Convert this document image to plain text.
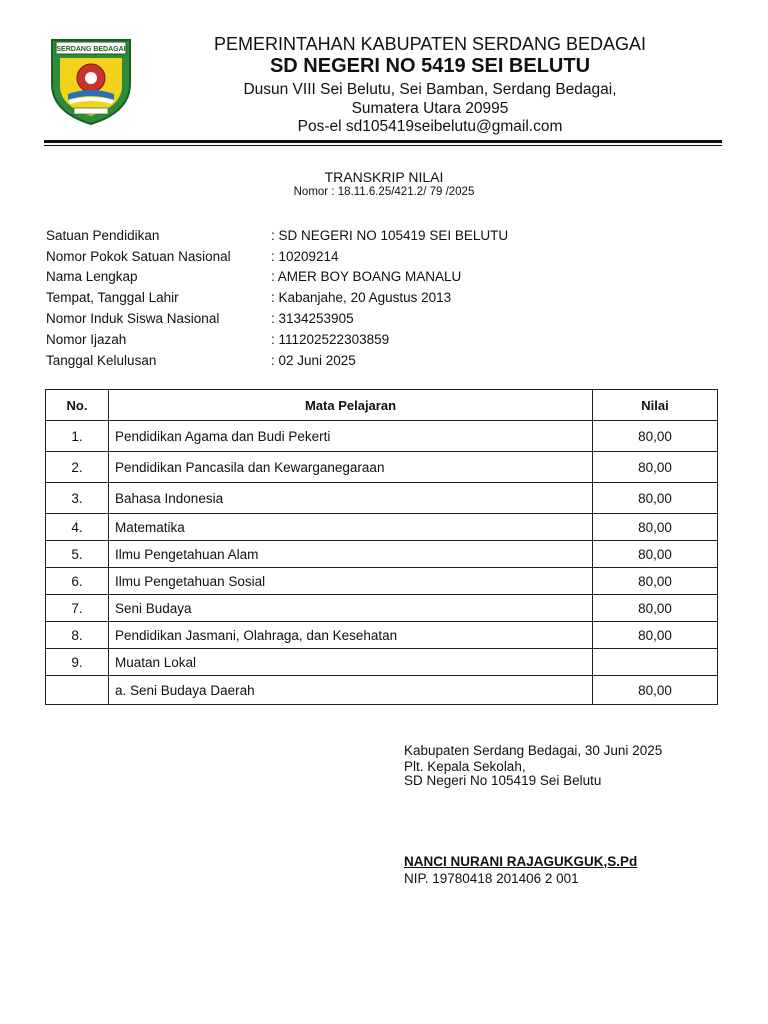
SERDANG BEDAGAI	PEMERINTAHAN KABUPATEN SERDANG BEDAGAI
SD NEGERI NO 5419 SEI BELUTU
Dusun VIII Sei Belutu, Sei Bamban, Serdang Bedagai,
Sumatera Utara 20995
Pos-el sd105419seibelutu@gmail.com
TRANSKRIP NILAI
Nomor : 18.11.6.25/421.2/ 79 /2025
Satuan Pendidikan	: SD NEGERI NO 105419 SEI BELUTU
Nomor Pokok Satuan Nasional	: 10209214
Nama Lengkap	: AMER BOY BOANG MANALU
Tempat, Tanggal Lahir	: Kabanjahe, 20 Agustus 2013
Nomor Induk Siswa Nasional	: 3134253905
Nomor Ijazah	: 111202522303859
Tanggal Kelulusan	: 02 Juni 2025
No.	Mata Pelajaran	Nilai
1.	Pendidikan Agama dan Budi Pekerti	80,00
2.	Pendidikan Pancasila dan Kewarganegaraan	80,00
3.	Bahasa Indonesia	80,00
4.	Matematika	80,00
5.	Ilmu Pengetahuan Alam	80,00
6.	Ilmu Pengetahuan Sosial	80,00
7.	Seni Budaya	80,00
8.	Pendidikan Jasmani, Olahraga, dan Kesehatan	80,00
9.	Muatan Lokal	
	a. Seni Budaya Daerah	80,00
Kabupaten Serdang Bedagai, 30 Juni 2025
Plt. Kepala Sekolah,
SD Negeri No 105419 Sei Belutu
NANCI NURANI RAJAGUKGUK,S.Pd
NIP. 19780418 201406 2 001
